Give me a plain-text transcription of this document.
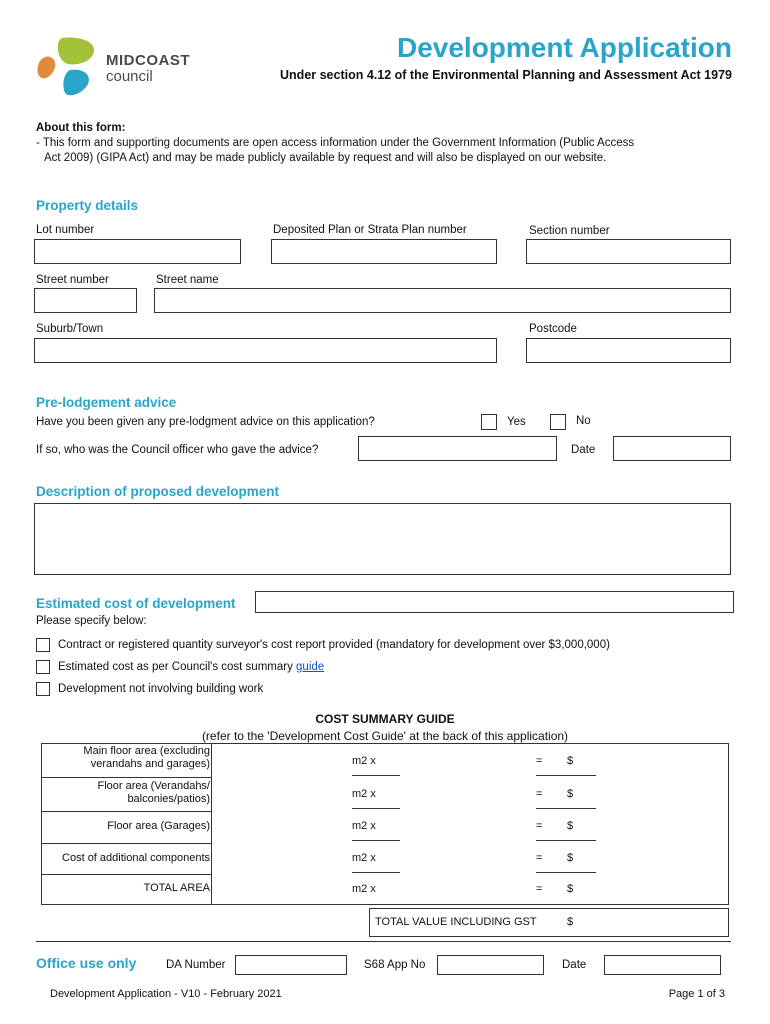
MIDCOAST
council
Development Application
Under section 4.12 of the Environmental Planning and Assessment Act 1979
About this form:
- This form and supporting documents are open access information under the Government Information (Public Access
Act 2009) (GIPA Act) and may be made publicly available by request and will also be displayed on our website.
Property details
Lot number	Deposited Plan or Strata Plan number	Section number
Street number	Street name
Suburb/Town	Postcode
Pre-lodgement advice
Have you been given any pre-lodgment advice on this application?	Yes	No
If so, who was the Council officer who gave the advice?	Date
Description of proposed development
Estimated cost of development
Please specify below:
Contract or registered quantity surveyor's cost report provided (mandatory for development over $3,000,000)
Estimated cost as per Council's cost summary guide
Development not involving building work
COST SUMMARY GUIDE
(refer to the 'Development Cost Guide' at the back of this application)
Main floor area (excluding
verandahs and garages)	m2 x	= $
Floor area (Verandahs/
balconies/patios)	m2 x	= $
Floor area (Garages)	m2 x	= $
Cost of additional components	m2 x	= $
TOTAL AREA	m2 x	= $
TOTAL VALUE INCLUDING GST	$
Office use only	DA Number	S68 App No	Date
Development Application - V10 - February 2021	Page 1 of 3
